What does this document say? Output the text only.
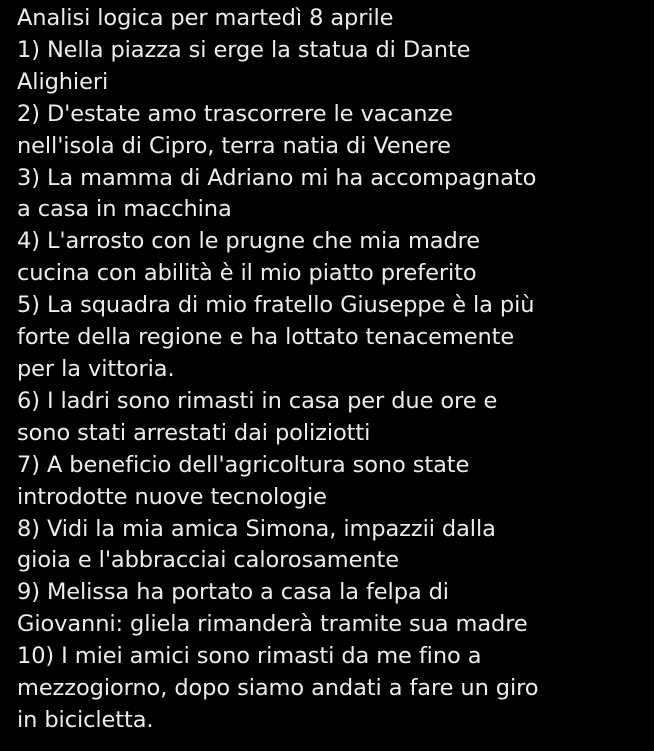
Analisi logica per martedì 8 aprile
1) Nella piazza si erge la statua di Dante
Alighieri
2) D'estate amo trascorrere le vacanze
nell'isola di Cipro, terra natia di Venere
3) La mamma di Adriano mi ha accompagnato
a casa in macchina
4) L'arrosto con le prugne che mia madre
cucina con abilità è il mio piatto preferito
5) La squadra di mio fratello Giuseppe è la più
forte della regione e ha lottato tenacemente
per la vittoria.
6) I ladri sono rimasti in casa per due ore e
sono stati arrestati dai poliziotti
7) A beneficio dell'agricoltura sono state
introdotte nuove tecnologie
8) Vidi la mia amica Simona, impazzii dalla
gioia e l'abbracciai calorosamente
9) Melissa ha portato a casa la felpa di
Giovanni: gliela rimanderà tramite sua madre
10) I miei amici sono rimasti da me fino a
mezzogiorno, dopo siamo andati a fare un giro
in bicicletta.
